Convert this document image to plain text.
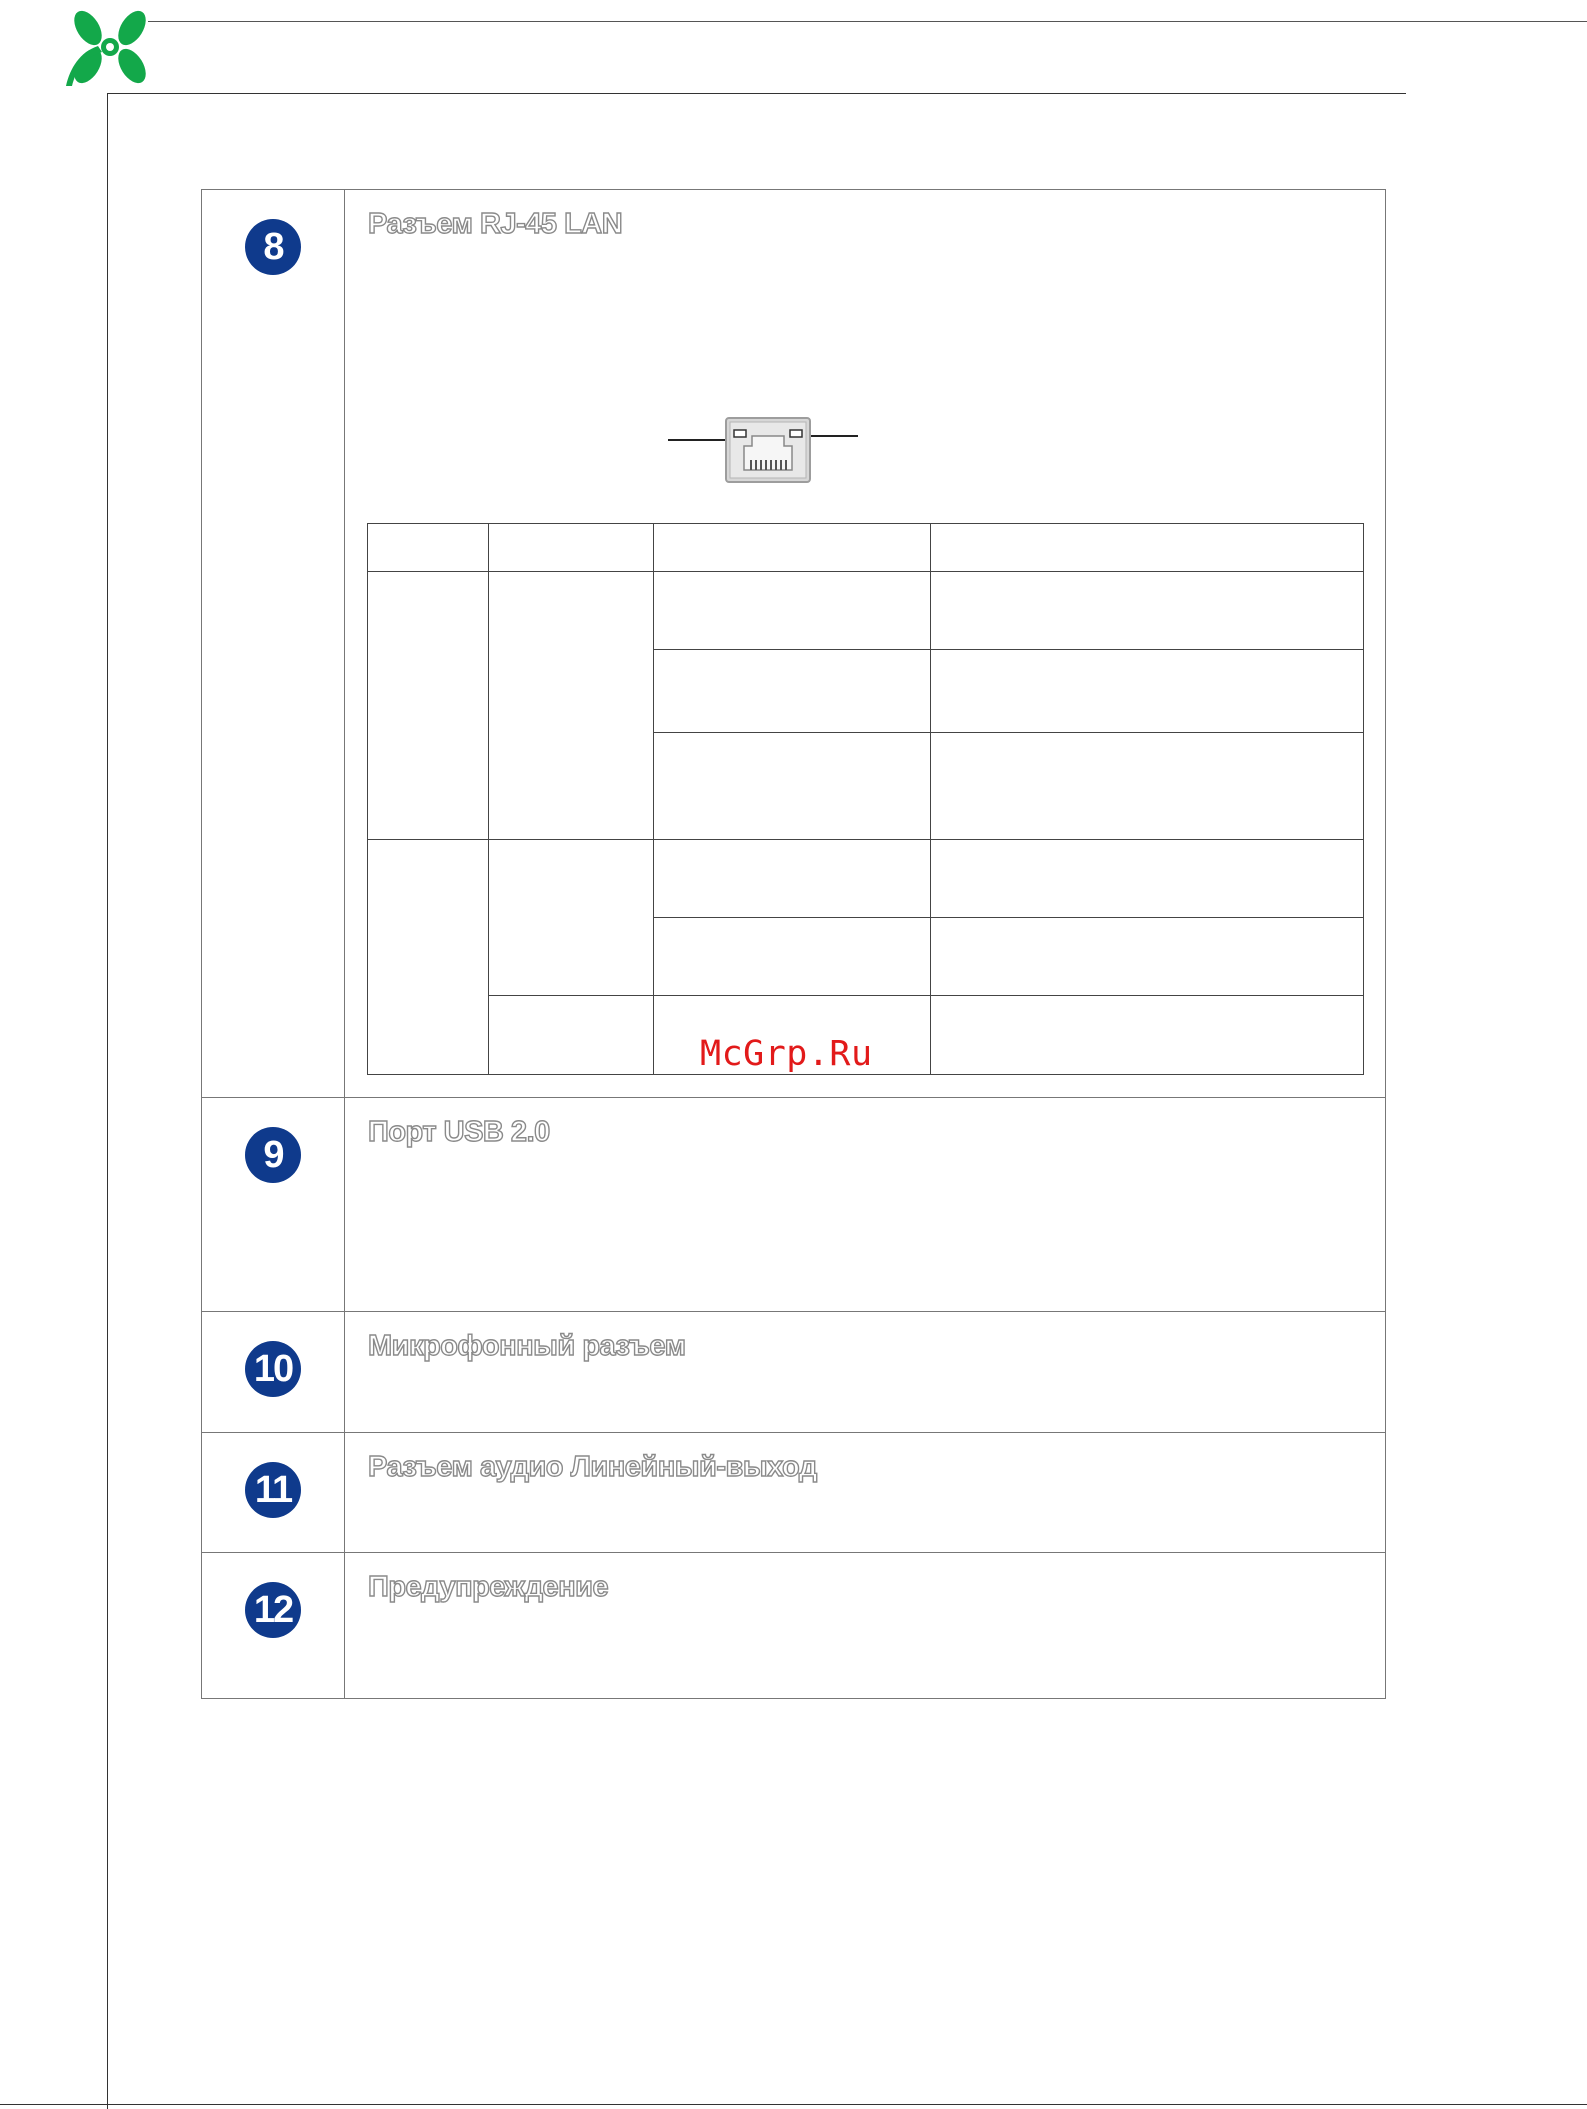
8	
Разъем RJ-45 LAN

9	
Порт USB 2.0

10	
Микрофонный разъем

11	
Разъем аудио Линейный-выход

12	
Предупреждение

McGrp.Ru
